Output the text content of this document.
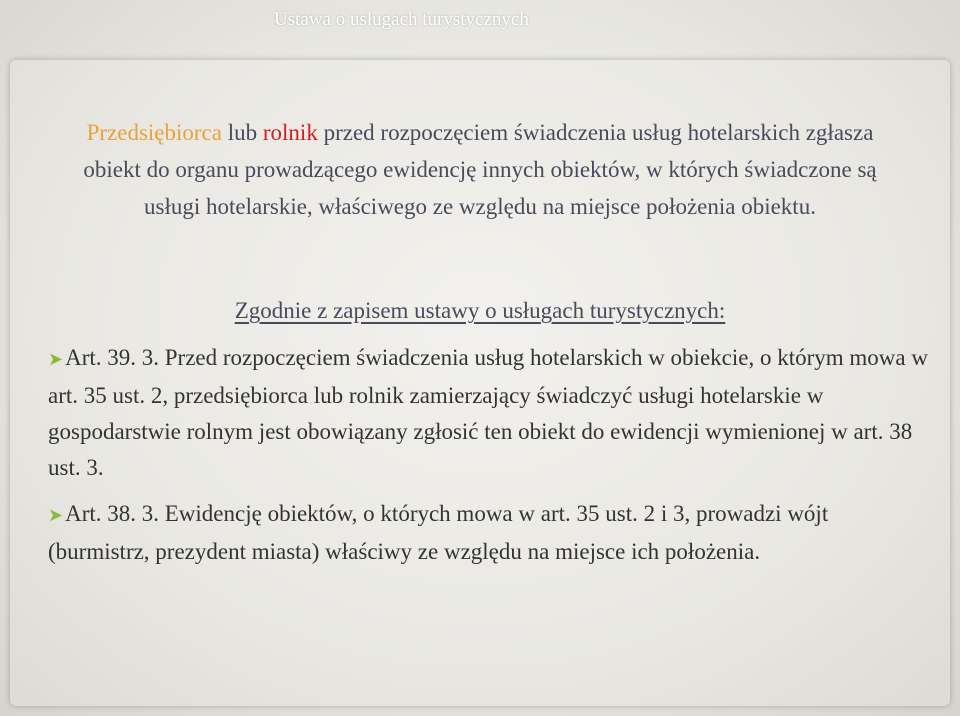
Ustawa o usługach turystycznych
Przedsiębiorca lub rolnik przed rozpoczęciem świadczenia usług hotelarskich zgłasza obiekt do organu prowadzącego ewidencję innych obiektów, w których świadczone są usługi hotelarskie, właściwego ze względu na miejsce położenia obiektu.
Zgodnie z zapisem ustawy o usługach turystycznych:
➤Art. 39. 3. Przed rozpoczęciem świadczenia usług hotelarskich w obiekcie, o którym mowa w art. 35 ust. 2, przedsiębiorca lub rolnik zamierzający świadczyć usługi hotelarskie w gospodarstwie rolnym jest obowiązany zgłosić ten obiekt do ewidencji wymienionej w art. 38 ust. 3.
➤Art. 38. 3. Ewidencję obiektów, o których mowa w art. 35 ust. 2 i 3, prowadzi wójt (burmistrz, prezydent miasta) właściwy ze względu na miejsce ich położenia.
